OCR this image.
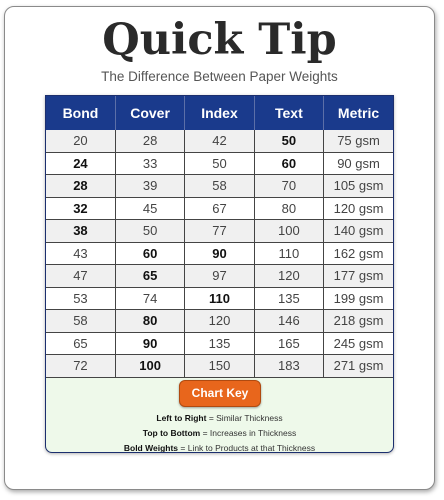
Quick Tip
The Difference Between Paper Weights
Bond	Cover	Index	Text	Metric
20	28	42	50	75 gsm
24	33	50	60	90 gsm
28	39	58	70	105 gsm
32	45	67	80	120 gsm
38	50	77	100	140 gsm
43	60	90	110	162 gsm
47	65	97	120	177 gsm
53	74	110	135	199 gsm
58	80	120	146	218 gsm
65	90	135	165	245 gsm
72	100	150	183	271 gsm
Chart Key
Left to Right = Similar Thickness
Top to Bottom = Increases in Thickness
Bold Weights = Link to Products at that Thickness
